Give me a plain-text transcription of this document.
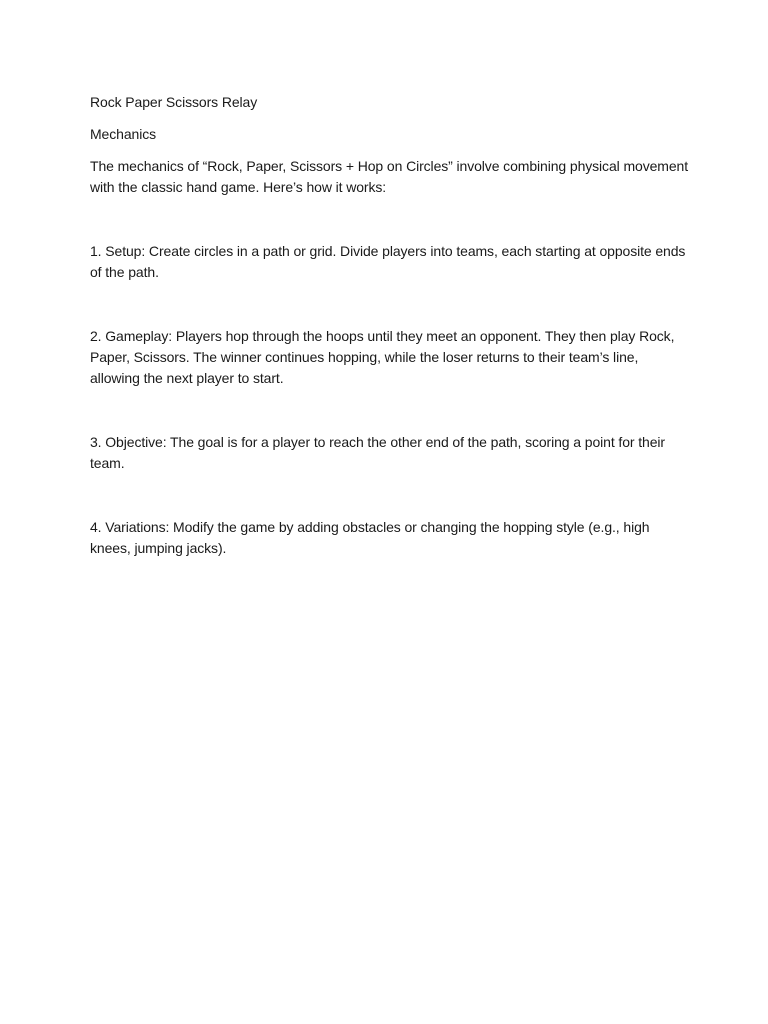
Rock Paper Scissors Relay

Mechanics

The mechanics of “Rock, Paper, Scissors + Hop on Circles” involve combining physical movement with the classic hand game. Here’s how it works:

1. Setup: Create circles in a path or grid. Divide players into teams, each starting at opposite ends of the path.

2. Gameplay: Players hop through the hoops until they meet an opponent. They then play Rock, Paper, Scissors. The winner continues hopping, while the loser returns to their team’s line, allowing the next player to start.

3. Objective: The goal is for a player to reach the other end of the path, scoring a point for their team.

4. Variations: Modify the game by adding obstacles or changing the hopping style (e.g., high knees, jumping jacks).
